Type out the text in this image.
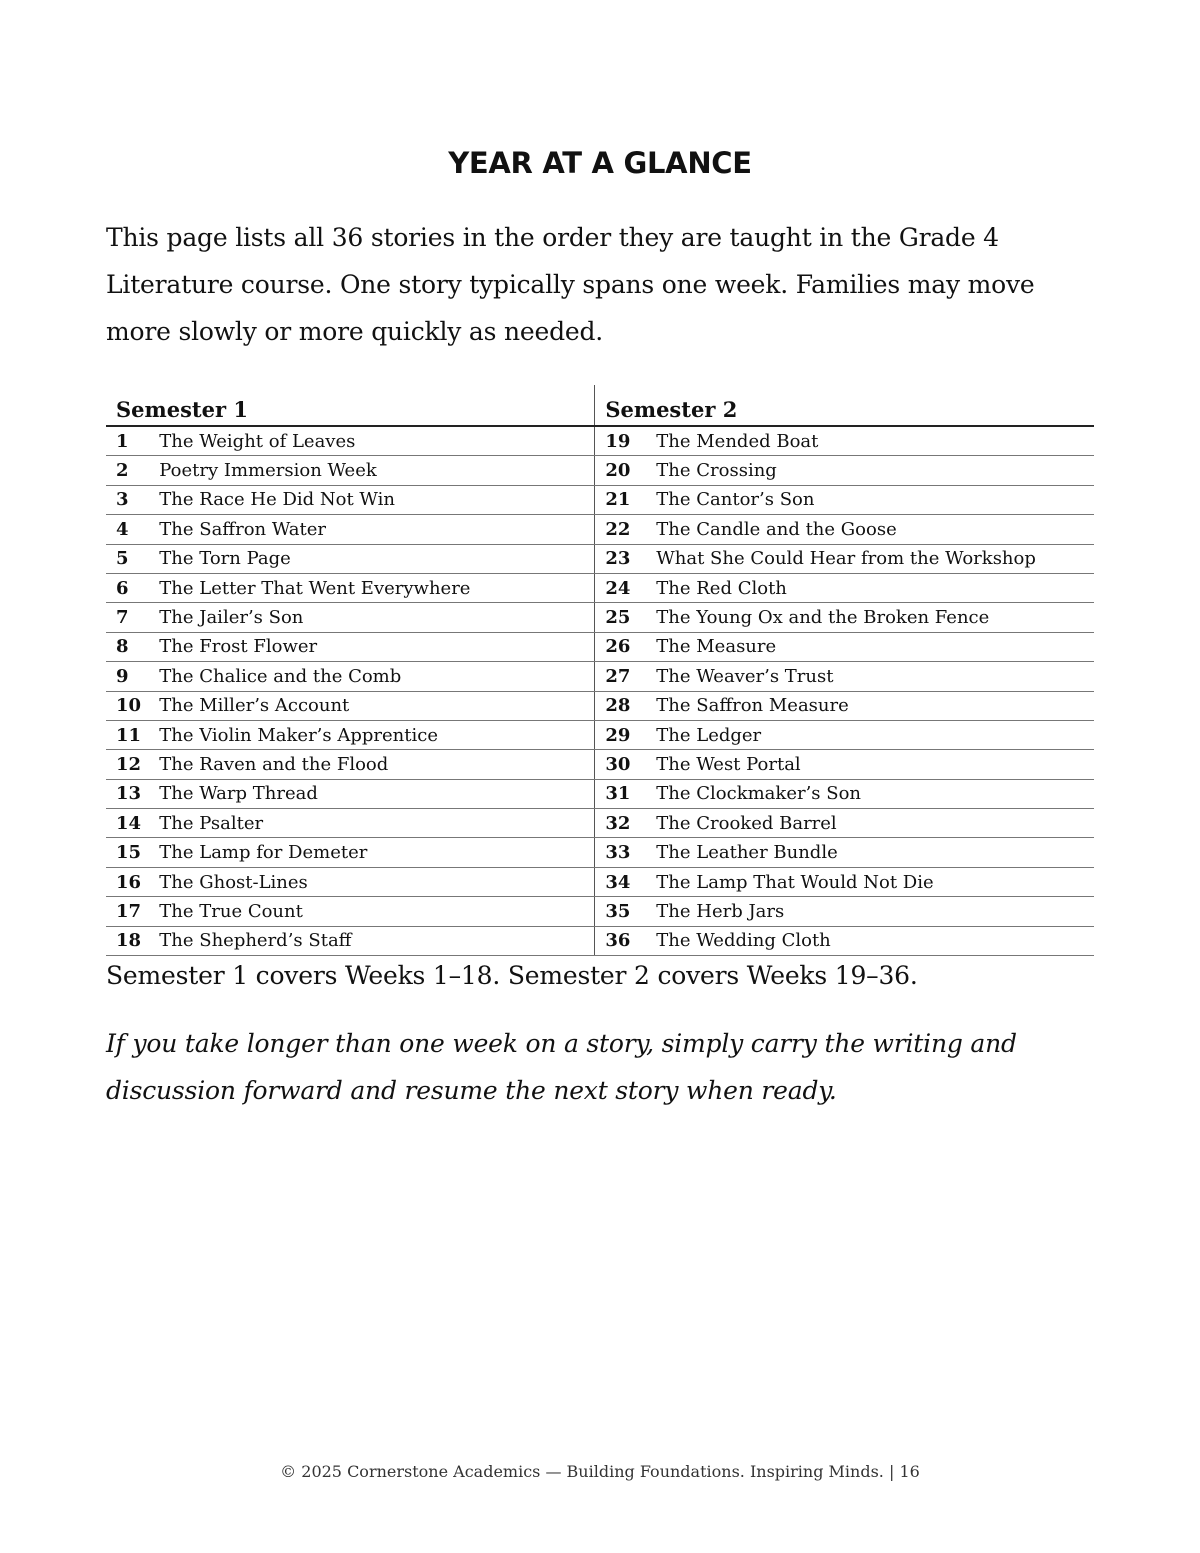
YEAR AT A GLANCE
This page lists all 36 stories in the order they are taught in the Grade 4 Literature course. One story typically spans one week. Families may move more slowly or more quickly as needed.
Semester 1		Semester 2	
1	The Weight of Leaves	19	The Mended Boat
2	Poetry Immersion Week	20	The Crossing
3	The Race He Did Not Win	21	The Cantor’s Son
4	The Saffron Water	22	The Candle and the Goose
5	The Torn Page	23	What She Could Hear from the Workshop
6	The Letter That Went Everywhere	24	The Red Cloth
7	The Jailer’s Son	25	The Young Ox and the Broken Fence
8	The Frost Flower	26	The Measure
9	The Chalice and the Comb	27	The Weaver’s Trust
10	The Miller’s Account	28	The Saffron Measure
11	The Violin Maker’s Apprentice	29	The Ledger
12	The Raven and the Flood	30	The West Portal
13	The Warp Thread	31	The Clockmaker’s Son
14	The Psalter	32	The Crooked Barrel
15	The Lamp for Demeter	33	The Leather Bundle
16	The Ghost-Lines	34	The Lamp That Would Not Die
17	The True Count	35	The Herb Jars
18	The Shepherd’s Staff	36	The Wedding Cloth
Semester 1 covers Weeks 1–18. Semester 2 covers Weeks 19–36.
If you take longer than one week on a story, simply carry the writing and discussion forward and resume the next story when ready.
© 2025 Cornerstone Academics — Building Foundations. Inspiring Minds. | 16
